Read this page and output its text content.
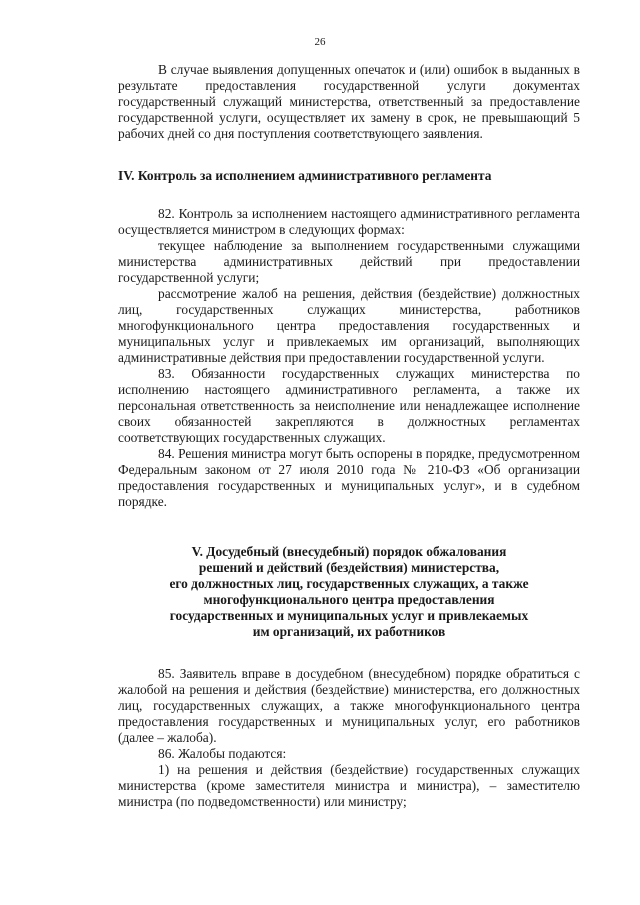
26

В случае выявления допущенных опечаток и (или) ошибок в выданных в результате предоставления государственной услуги документах государственный служащий министерства, ответственный за предоставление государственной услуги, осуществляет их замену в срок, не превышающий 5 рабочих дней со дня поступления соответствующего заявления.

IV. Контроль за исполнением административного регламента

82. Контроль за исполнением настоящего административного регламента осуществляется министром в следующих формах:

текущее наблюдение за выполнением государственными служащими министерства административных действий при предоставлении государственной услуги;

рассмотрение жалоб на решения, действия (бездействие) должностных лиц, государственных служащих министерства, работников многофункционального центра предоставления государственных и муниципальных услуг и привлекаемых им организаций, выполняющих административные действия при предоставлении государственной услуги.

83. Обязанности государственных служащих министерства по исполнению настоящего административного регламента, а также их персональная ответственность за неисполнение или ненадлежащее исполнение своих обязанностей закрепляются в должностных регламентах соответствующих государственных служащих.

84. Решения министра могут быть оспорены в порядке, предусмотренном Федеральным законом от 27 июля 2010 года № 210-ФЗ «Об организации предоставления государственных и муниципальных услуг», и в судебном порядке.

V. Досудебный (внесудебный) порядок обжалования
решений и действий (бездействия) министерства,
его должностных лиц, государственных служащих, а также
многофункционального центра предоставления
государственных и муниципальных услуг и привлекаемых
им организаций, их работников

85. Заявитель вправе в досудебном (внесудебном) порядке обратиться с жалобой на решения и действия (бездействие) министерства, его должностных лиц, государственных служащих, а также многофункционального центра предоставления государственных и муниципальных услуг, его работников (далее – жалоба).

86. Жалобы подаются:

1) на решения и действия (бездействие) государственных служащих министерства (кроме заместителя министра и министра), – заместителю министра (по подведомственности) или министру;
